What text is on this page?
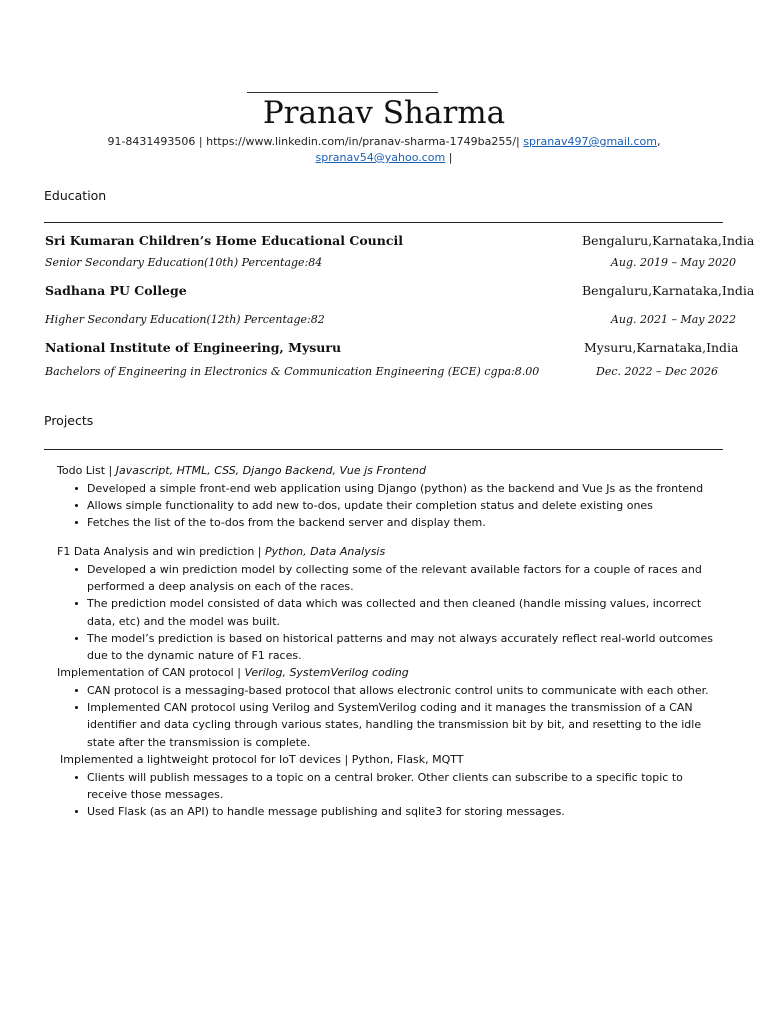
Pranav Sharma
91-8431493506 | https://www.linkedin.com/in/pranav-sharma-1749ba255/| spranav497@gmail.com,
spranav54@yahoo.com |
Education
Sri Kumaran Children’s Home Educational Council	Bengaluru,Karnataka,India
Senior Secondary Education(10th) Percentage:84	Aug. 2019 – May 2020
Sadhana PU College	Bengaluru,Karnataka,India
Higher Secondary Education(12th) Percentage:82	Aug. 2021 – May 2022
National Institute of Engineering, Mysuru	Mysuru,Karnataka,India
Bachelors of Engineering in Electronics & Communication Engineering (ECE) cgpa:8.00	Dec. 2022 – Dec 2026
Projects
Todo List | Javascript, HTML, CSS, Django Backend, Vue js Frontend
Developed a simple front-end web application using Django (python) as the backend and Vue Js as the frontend
Allows simple functionality to add new to-dos, update their completion status and delete existing ones
Fetches the list of the to-dos from the backend server and display them.
F1 Data Analysis and win prediction | Python, Data Analysis
Developed a win prediction model by collecting some of the relevant available factors for a couple of races and performed a deep analysis on each of the races.
The prediction model consisted of data which was collected and then cleaned (handle missing values, incorrect data, etc) and the model was built.
The model’s prediction is based on historical patterns and may not always accurately reflect real-world outcomes due to the dynamic nature of F1 races.
Implementation of CAN protocol | Verilog, SystemVerilog coding
CAN protocol is a messaging-based protocol that allows electronic control units to communicate with each other.
Implemented CAN protocol using Verilog and SystemVerilog coding and it manages the transmission of a CAN identifier and data cycling through various states, handling the transmission bit by bit, and resetting to the idle state after the transmission is complete.
Implemented a lightweight protocol for IoT devices | Python, Flask, MQTT
Clients will publish messages to a topic on a central broker. Other clients can subscribe to a specific topic to receive those messages.
Used Flask (as an API) to handle message publishing and sqlite3 for storing messages.
